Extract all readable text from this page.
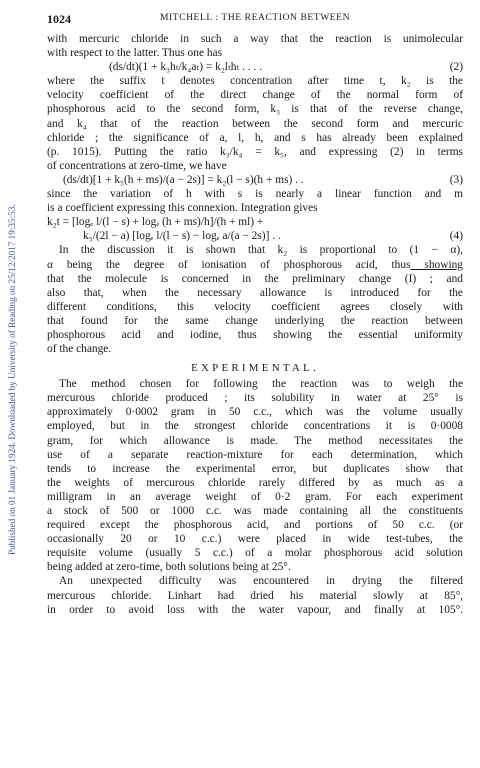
Published on 01 January 1924. Downloaded by University of Reading on 25/12/2017 19:35:53.
1024	MITCHELL : THE REACTION BETWEEN
with mercuric chloride in such a way that the reaction is unimolecular
with respect to the latter. Thus one has
(ds/dt)(1 + k₃hₜ/k₄aₜ) = k₂lₜhₜ . . . .	(2)
where the suffix t denotes concentration after time t, k₂ is the
velocity coefficient of the direct change of the normal form of
phosphorous acid to the second form, k₃ is that of the reverse change,
and k₄ that of the reaction between the second form and mercuric
chloride ; the significance of a, l, h, and s has already been explained
(p. 1015). Putting the ratio k₃/k₄ = k₅, and expressing (2) in terms
of concentrations at zero-time, we have
(ds/dt)[1 + k₅(h + ms)/(a − 2s)] = k₂(l − s)(h + ms) . .	(3)
since the variation of h with s is nearly a linear function and m
is a coefficient expressing this connexion. Integration gives
k₂t = [logₑ l/(l − s) + logₑ (h + ms)/h]/(h + ml) +
k₅/(2l − a) [logₑ l/(l − s) − logₑ a/(a − 2s)] . .	(4)
In the discussion it is shown that k₂ is proportional to (1 − α),
α being the degree of ionisation of phosphorous acid, thus showing
that the molecule is concerned in the preliminary change (I) ; and
also that, when the necessary allowance is introduced for the
different conditions, this velocity coefficient agrees closely with
that found for the same change underlying the reaction between
phosphorous acid and iodine, thus showing the essential uniformity
of the change.
EXPERIMENTAL.
The method chosen for following the reaction was to weigh the
mercurous chloride produced ; its solubility in water at 25° is
approximately 0·0002 gram in 50 c.c., which was the volume usually
employed, but in the strongest chloride concentrations it is 0·0008
gram, for which allowance is made. The method necessitates the
use of a separate reaction-mixture for each determination, which
tends to increase the experimental error, but duplicates show that
the weights of mercurous chloride rarely differed by as much as a
milligram in an average weight of 0·2 gram. For each experiment
a stock of 500 or 1000 c.c. was made containing all the constituents
required except the phosphorous acid, and portions of 50 c.c. (or
occasionally 20 or 10 c.c.) were placed in wide test-tubes, the
requisite volume (usually 5 c.c.) of a molar phosphorous acid solution
being added at zero-time, both solutions being at 25°.
An unexpected difficulty was encountered in drying the filtered
mercurous chloride. Linhart had dried his material slowly at 85°,
in order to avoid loss with the water vapour, and finally at 105°.
